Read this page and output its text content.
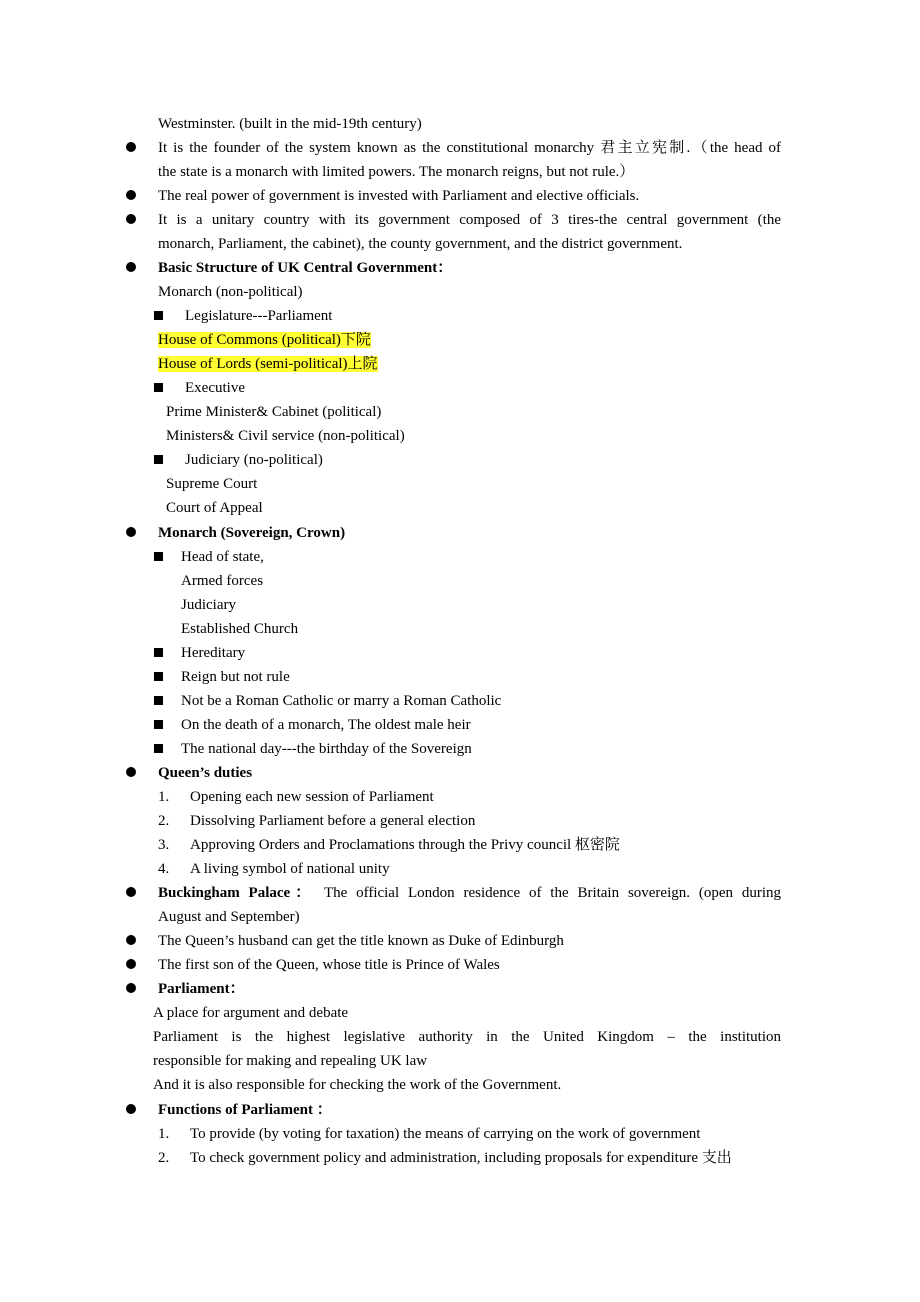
Westminster. (built in the mid-19th century)
It is the founder of the system known as the constitutional monarchy 君主立宪制.（the head of
the state is a monarch with limited powers. The monarch reigns, but not rule.）
The real power of government is invested with Parliament and elective officials.
It is a unitary country with its government composed of 3 tires-the central government (the
monarch, Parliament, the cabinet), the county government, and the district government.
Basic Structure of UK Central Government：
Monarch (non-political)
Legislature---Parliament
House of Commons (political)下院
House of Lords (semi-political)上院
Executive
Prime Minister& Cabinet (political)
Ministers& Civil service (non-political)
Judiciary (no-political)
Supreme Court
Court of Appeal
Monarch (Sovereign, Crown)
Head of state,
Armed forces
Judiciary
Established Church
Hereditary
Reign but not rule
Not be a Roman Catholic or marry a Roman Catholic
On the death of a monarch, The oldest male heir
The national day---the birthday of the Sovereign
Queen’s duties
1. Opening each new session of Parliament
2. Dissolving Parliament before a general election
3. Approving Orders and Proclamations through the Privy council 枢密院
4. A living symbol of national unity
Buckingham Palace： The official London residence of the Britain sovereign. (open during
August and September)
The Queen’s husband can get the title known as Duke of Edinburgh
The first son of the Queen, whose title is Prince of Wales
Parliament：
A place for argument and debate
Parliament is the highest legislative authority in the United Kingdom – the institution
responsible for making and repealing UK law
And it is also responsible for checking the work of the Government.
Functions of Parliament ：
1. To provide (by voting for taxation) the means of carrying on the work of government
2. To check government policy and administration, including proposals for expenditure 支出
